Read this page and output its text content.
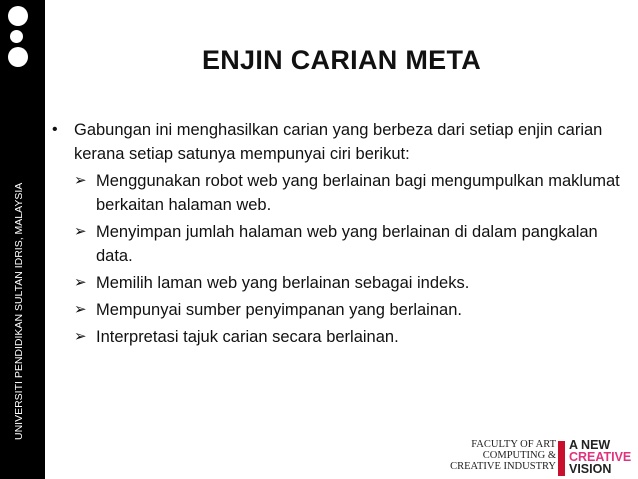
UNIVERSITI PENDIDIKAN SULTAN IDRIS, MALAYSIA
ENJIN CARIAN META

• Gabungan ini menghasilkan carian yang berbeza dari setiap enjin carian kerana setiap satunya mempunyai ciri berikut:

➢ Menggunakan robot web yang berlainan bagi mengumpulkan maklumat berkaitan halaman web.

➢ Menyimpan jumlah halaman web yang berlainan di dalam pangkalan data.

➢ Memilih laman web yang berlainan sebagai indeks.

➢ Mempunyai sumber penyimpanan yang berlainan.

➢ Interpretasi tajuk carian secara berlainan.

FACULTY OF ART
COMPUTING &
CREATIVE INDUSTRY
A NEW
CREATIVE
VISION
